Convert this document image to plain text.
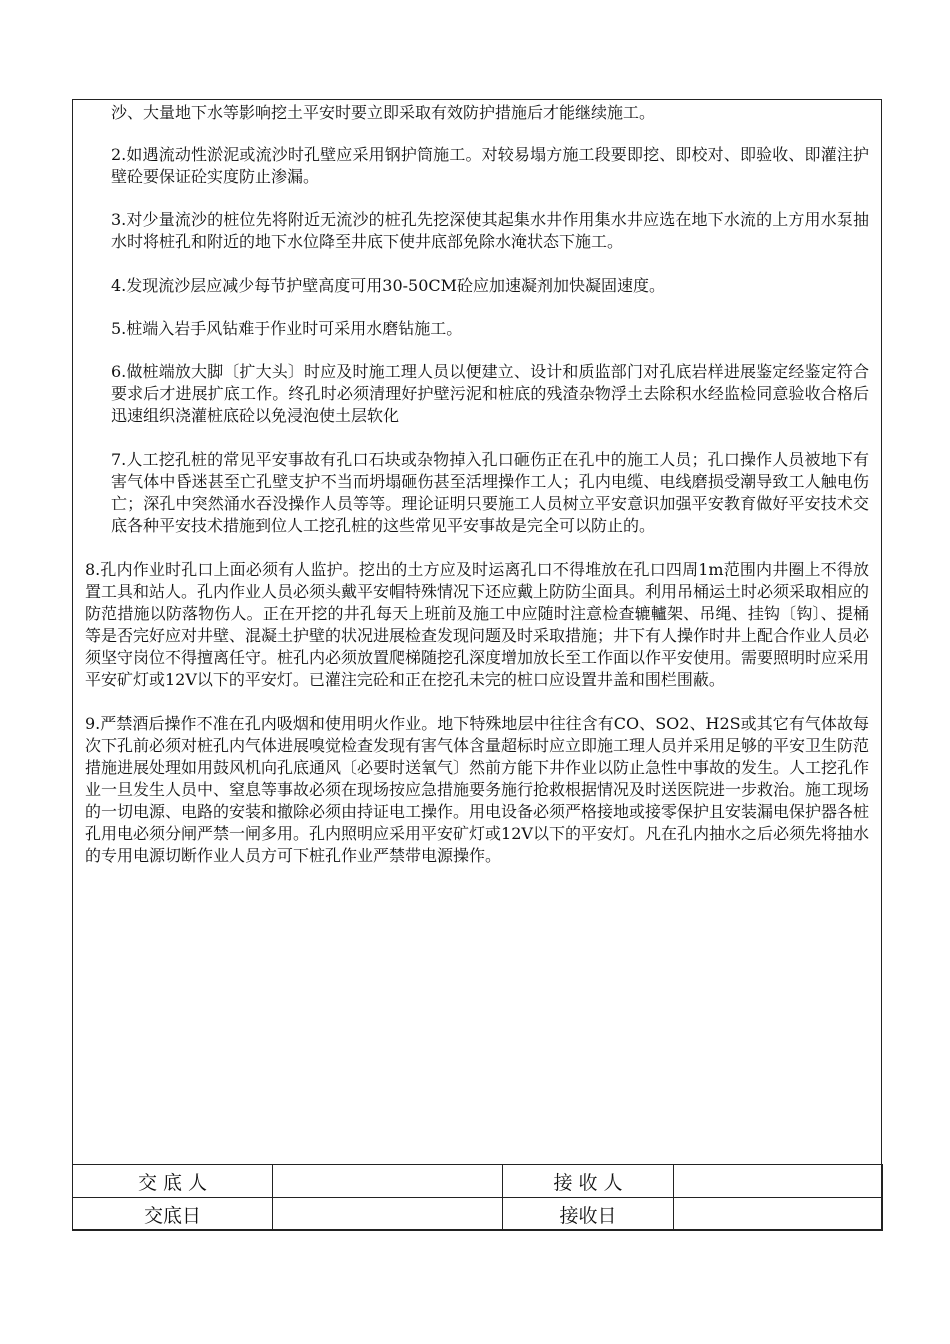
沙、大量地下水等影响挖土平安时要立即采取有效防护措施后才能继续施工。

2.如遇流动性淤泥或流沙时孔壁应采用钢护筒施工。对较易塌方施工段要即挖、即校对、即验收、即灌注护壁砼要保证砼实度防止渗漏。

3.对少量流沙的桩位先将附近无流沙的桩孔先挖深使其起集水井作用集水井应选在地下水流的上方用水泵抽水时将桩孔和附近的地下水位降至井底下使井底部免除水淹状态下施工。

4.发现流沙层应减少每节护壁高度可用30-50CM砼应加速凝剂加快凝固速度。

5.桩端入岩手风钻难于作业时可采用水磨钻施工。

6.做桩端放大脚〔扩大头〕时应及时施工理人员以便建立、设计和质监部门对孔底岩样进展鉴定经鉴定符合要求后才进展扩底工作。终孔时必须清理好护壁污泥和桩底的残渣杂物浮土去除积水经监检同意验收合格后迅速组织浇灌桩底砼以免浸泡使土层软化

7.人工挖孔桩的常见平安事故有孔口石块或杂物掉入孔口砸伤正在孔中的施工人员；孔口操作人员被地下有害气体中昏迷甚至亡孔壁支护不当而坍塌砸伤甚至活埋操作工人；孔内电缆、电线磨损受潮导致工人触电伤亡；深孔中突然涌水吞没操作人员等等。理论证明只要施工人员树立平安意识加强平安教育做好平安技术交底各种平安技术措施到位人工挖孔桩的这些常见平安事故是完全可以防止的。

8.孔内作业时孔口上面必须有人监护。挖出的土方应及时运离孔口不得堆放在孔口四周1m范围内井圈上不得放置工具和站人。孔内作业人员必须头戴平安帽特殊情况下还应戴上防防尘面具。利用吊桶运土时必须采取相应的防范措施以防落物伤人。正在开挖的井孔每天上班前及施工中应随时注意检查辘轤架、吊绳、挂钩〔钩〕、提桶等是否完好应对井壁、混凝土护壁的状况进展检查发现问题及时采取措施；井下有人操作时井上配合作业人员必须坚守岗位不得擅离任守。桩孔内必须放置爬梯随挖孔深度增加放长至工作面以作平安使用。需要照明时应采用平安矿灯或12V以下的平安灯。已灌注完砼和正在挖孔未完的桩口应设置井盖和围栏围蔽。

9.严禁酒后操作不准在孔内吸烟和使用明火作业。地下特殊地层中往往含有CO、SO2、H2S或其它有气体故每次下孔前必须对桩孔内气体进展嗅觉检查发现有害气体含量超标时应立即施工理人员并采用足够的平安卫生防范措施进展处理如用鼓风机向孔底通风〔必要时送氧气〕然前方能下井作业以防止急性中事故的发生。人工挖孔作业一旦发生人员中、窒息等事故必须在现场按应急措施要务施行抢救根据情况及时送医院进一步救治。施工现场的一切电源、电路的安装和撤除必须由持证电工操作。用电设备必须严格接地或接零保护且安装漏电保护器各桩孔用电必须分闸严禁一闸多用。孔内照明应采用平安矿灯或12V以下的平安灯。凡在孔内抽水之后必须先将抽水的专用电源切断作业人员方可下桩孔作业严禁带电源操作。

交 底 人		接 收 人	
交底日		接收日	
